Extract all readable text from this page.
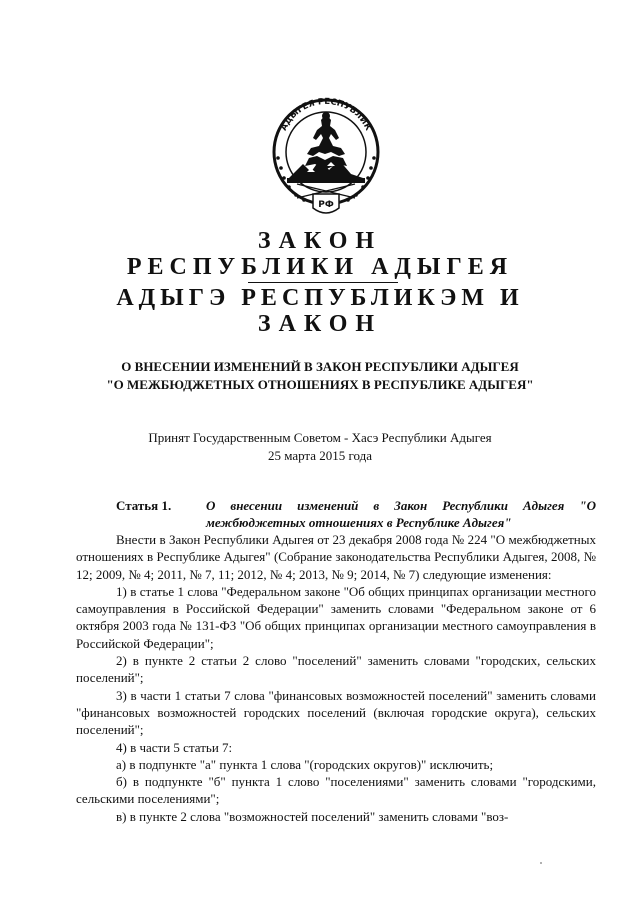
АДЫГЕЯ РЕСПУБЛИК
РФ
ЗАКОН
РЕСПУБЛИКИ АДЫГЕЯ
АДЫГЭ РЕСПУБЛИКЭМ И
ЗАКОН
О ВНЕСЕНИИ ИЗМЕНЕНИЙ В ЗАКОН РЕСПУБЛИКИ АДЫГЕЯ
"О МЕЖБЮДЖЕТНЫХ ОТНОШЕНИЯХ В РЕСПУБЛИКЕ АДЫГЕЯ"
Принят Государственным Советом - Хасэ Республики Адыгея
25 марта 2015 года
Статья 1.	О внесении изменений в Закон Республики Адыгея "О межбюджетных отношениях в Республике Адыгея"

Внести в Закон Республики Адыгея от 23 декабря 2008 года № 224 "О межбюджетных отношениях в Республике Адыгея" (Собрание законодательства Республики Адыгея, 2008, № 12; 2009, № 4; 2011, № 7, 11; 2012, № 4; 2013, № 9; 2014, № 7) следующие изменения:

1) в статье 1 слова "Федеральном законе "Об общих принципах организации местного самоуправления в Российской Федерации" заменить словами "Федеральном законе от 6 октября 2003 года № 131-ФЗ "Об общих принципах организации местного самоуправления в Российской Федерации";

2) в пункте 2 статьи 2 слово "поселений" заменить словами "городских, сельских поселений";

3) в части 1 статьи 7 слова "финансовых возможностей поселений" заменить словами "финансовых возможностей городских поселений (включая городские округа), сельских поселений";

4) в части 5 статьи 7:

а) в подпункте "а" пункта 1 слова "(городских округов)" исключить;

б) в подпункте "б" пункта 1 слово "поселениями" заменить словами "городскими, сельскими поселениями";

в) в пункте 2 слова "возможностей поселений" заменить словами "воз-
